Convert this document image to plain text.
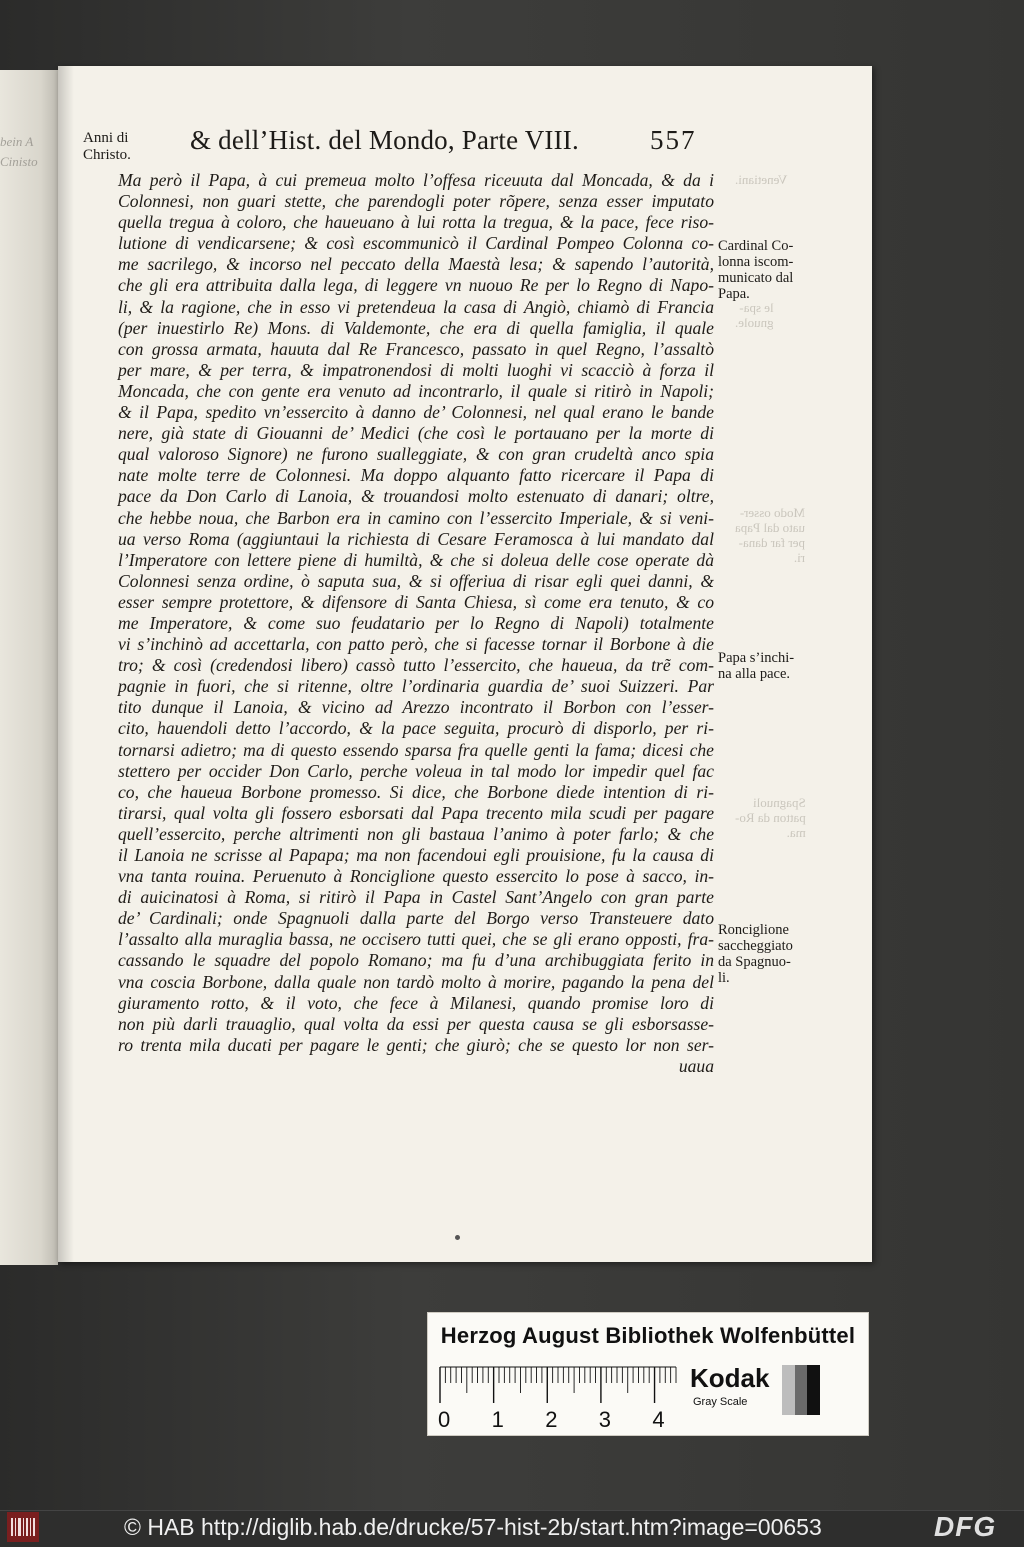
bein A
Cinisto
Venetiani.
le spa-
gnuole.
Modo osser-
uato dal Papa
per far dana-
ri.
Spagnuoli
patton da Ro-
ma.
Anni di
Christo.	& dell’Hist. del Mondo, Parte VIII.	557
Ma però il Papa, à cui premeua molto l’offesa riceuuta dal Moncada, & da i
Colonnesi, non guari stette, che parendogli poter rõpere, senza esser imputato
quella tregua à coloro, che haueuano à lui rotta la tregua, & la pace, fece riso-
lutione di vendicarsene; & così escommunicò il Cardinal Pompeo Colonna co-
me sacrilego, & incorso nel peccato della Maestà lesa; & sapendo l’autorità,
che gli era attribuita dalla lega, di leggere vn nuouo Re per lo Regno di Napo-
li, & la ragione, che in esso vi pretendeua la casa di Angiò, chiamò di Francia
(per inuestirlo Re) Mons. di Valdemonte, che era di quella famiglia, il quale
con grossa armata, hauuta dal Re Francesco, passato in quel Regno, l’assaltò
per mare, & per terra, & impatronendosi di molti luoghi vi scacciò à forza il
Moncada, che con gente era venuto ad incontrarlo, il quale si ritirò in Napoli;
& il Papa, spedito vn’essercito à danno de’ Colonnesi, nel qual erano le bande
nere, già state di Giouanni de’ Medici (che così le portauano per la morte di
qual valoroso Signore) ne furono sualleggiate, & con gran crudeltà anco spia
nate molte terre de Colonnesi. Ma doppo alquanto fatto ricercare il Papa di
pace da Don Carlo di Lanoia, & trouandosi molto estenuato di danari; oltre,
che hebbe noua, che Barbon era in camino con l’essercito Imperiale, & si veni-
ua verso Roma (aggiuntaui la richiesta di Cesare Feramosca à lui mandato dal
l’Imperatore con lettere piene di humiltà, & che si doleua delle cose operate dà
Colonnesi senza ordine, ò saputa sua, & si offeriua di risar egli quei danni, &
esser sempre protettore, & difensore di Santa Chiesa, sì come era tenuto, & co
me Imperatore, & come suo feudatario per lo Regno di Napoli) totalmente
vi s’inchinò ad accettarla, con patto però, che si facesse tornar il Borbone à die
tro; & così (credendosi libero) cassò tutto l’essercito, che haueua, da trẽ com-
pagnie in fuori, che si ritenne, oltre l’ordinaria guardia de’ suoi Suizzeri. Par
tito dunque il Lanoia, & vicino ad Arezzo incontrato il Borbon con l’esser-
cito, hauendoli detto l’accordo, & la pace seguita, procurò di disporlo, per ri-
tornarsi adietro; ma di questo essendo sparsa fra quelle genti la fama; dicesi che
stettero per occider Don Carlo, perche voleua in tal modo lor impedir quel fac
co, che haueua Borbone promesso. Si dice, che Borbone diede intention di ri-
tirarsi, qual volta gli fossero esborsati dal Papa trecento mila scudi per pagare
quell’essercito, perche altrimenti non gli bastaua l’animo à poter farlo; & che
il Lanoia ne scrisse al Papapa; ma non facendoui egli prouisione, fu la causa di
vna tanta rouina. Peruenuto à Ronciglione questo essercito lo pose à sacco, in-
di auicinatosi à Roma, si ritirò il Papa in Castel Sant’Angelo con gran parte
de’ Cardinali; onde Spagnuoli dalla parte del Borgo verso Transteuere dato
l’assalto alla muraglia bassa, ne occisero tutti quei, che se gli erano opposti, fra-
cassando le squadre del popolo Romano; ma fu d’una archibuggiata ferito in
vna coscia Borbone, dalla quale non tardò molto à morire, pagando la pena del
giuramento rotto, & il voto, che fece à Milanesi, quando promise loro di
non più darli trauaglio, qual volta da essi per questa causa se gli esborsasse-
ro trenta mila ducati per pagare le genti; che giurò; che se questo lor non ser-
uaua
Cardinal Co-
lonna iscom-
municato dal
Papa.
Papa s’inchi-
na alla pace.
Ronciglione
saccheggiato
da Spagnuo-
li.
Herzog August Bibliothek Wolfenbüttel
0 1 2 3 4
Kodak
Gray Scale
© HAB http://diglib.hab.de/drucke/57-hist-2b/start.htm?image=00653	DFG
